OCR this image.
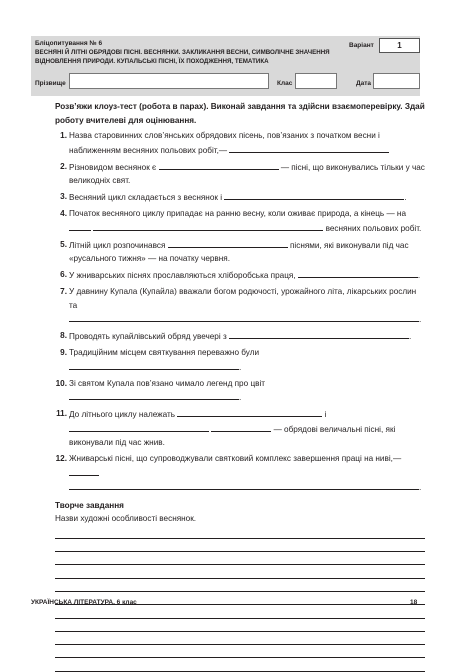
Бліцопитування № 6
ВЕСНЯНІ Й ЛІТНІ ОБРЯДОВІ ПІСНІ. ВЕСНЯНКИ. ЗАКЛИКАННЯ ВЕСНИ, СИМВОЛІЧНЕ ЗНАЧЕННЯ ВІДНОВЛЕННЯ ПРИРОДИ. КУПАЛЬСЬКІ ПІСНІ, ЇХ ПОХОДЖЕННЯ, ТЕМАТИКА
Варіант	1
Прізвище	Клас	Дата
Розв’яжи клоуз-тест (робота в парах). Виконай завдання та здійсни взаємоперевірку. Здай роботу вчителеві для оцінювання.
1. Назва старовинних слов’янських обрядових пісень, пов’язаних з початком весни і наближенням весняних польових робіт,—
2. Різновидом веснянок є	— пісні, що виконувались тільки у час великодніх свят.
3. Весняний цикл складається з веснянок і	.
4. Початок весняного циклу припадає на ранню весну, коли оживає природа, а кінець — на   весняних польових робіт.
5. Літній цикл розпочинався	піснями, які виконували під час «русального тижня» — на початку червня.
6. У жниварських піснях прославляються хліборобська праця,	.
7. У давнину Купала (Купайла) вважали богом родючості, урожайного літа, лікарських рослин та .
8. Проводять купайлівський обряд увечері з	.
9. Традиційним місцем святкування переважно були .
10. Зі святом Купала пов’язано чимало легенд про цвіт .
11. До літнього циклу належать	і   — обрядові величальні пісні, які виконували під час жнив.
12. Жниварські пісні, що супроводжували святковий комплекс завершення праці на ниві,—  .
Творче завдання
Назви художні особливості веснянок.
УКРАЇНСЬКА ЛІТЕРАТУРА. 6 клас	18
